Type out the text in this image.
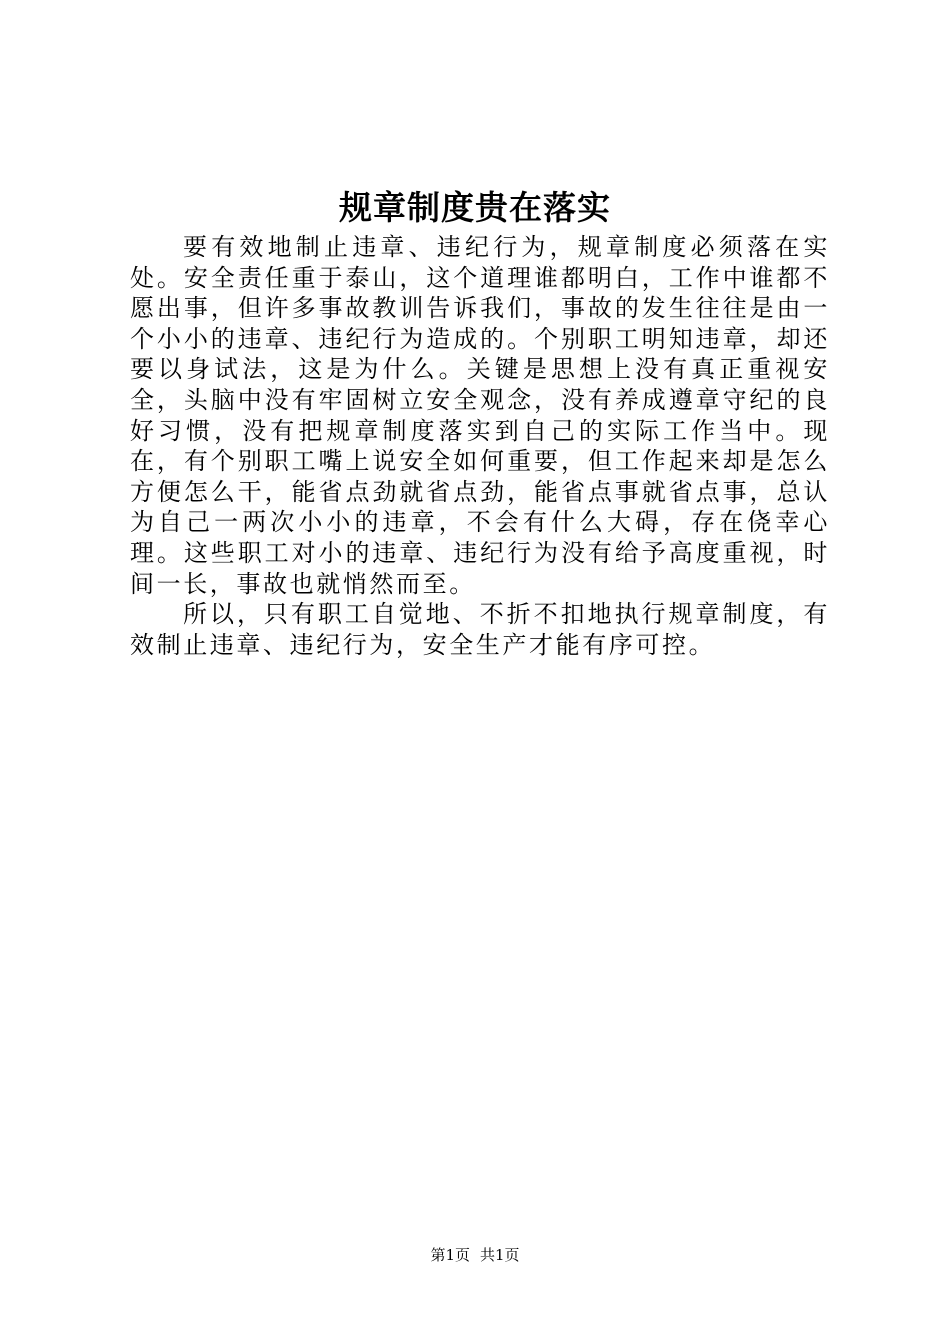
规章制度贵在落实

要有效地制止违章、违纪行为，规章制度必须落在实处。安全责任重于泰山，这个道理谁都明白，工作中谁都不愿出事，但许多事故教训告诉我们，事故的发生往往是由一个小小的违章、违纪行为造成的。个别职工明知违章，却还要以身试法，这是为什么。关键是思想上没有真正重视安全，头脑中没有牢固树立安全观念，没有养成遵章守纪的良好习惯，没有把规章制度落实到自己的实际工作当中。现在，有个别职工嘴上说安全如何重要，但工作起来却是怎么方便怎么干，能省点劲就省点劲，能省点事就省点事，总认为自己一两次小小的违章，不会有什么大碍，存在侥幸心理。这些职工对小的违章、违纪行为没有给予高度重视，时间一长，事故也就悄然而至。

所以，只有职工自觉地、不折不扣地执行规章制度，有效制止违章、违纪行为，安全生产才能有序可控。

第1页 共1页
